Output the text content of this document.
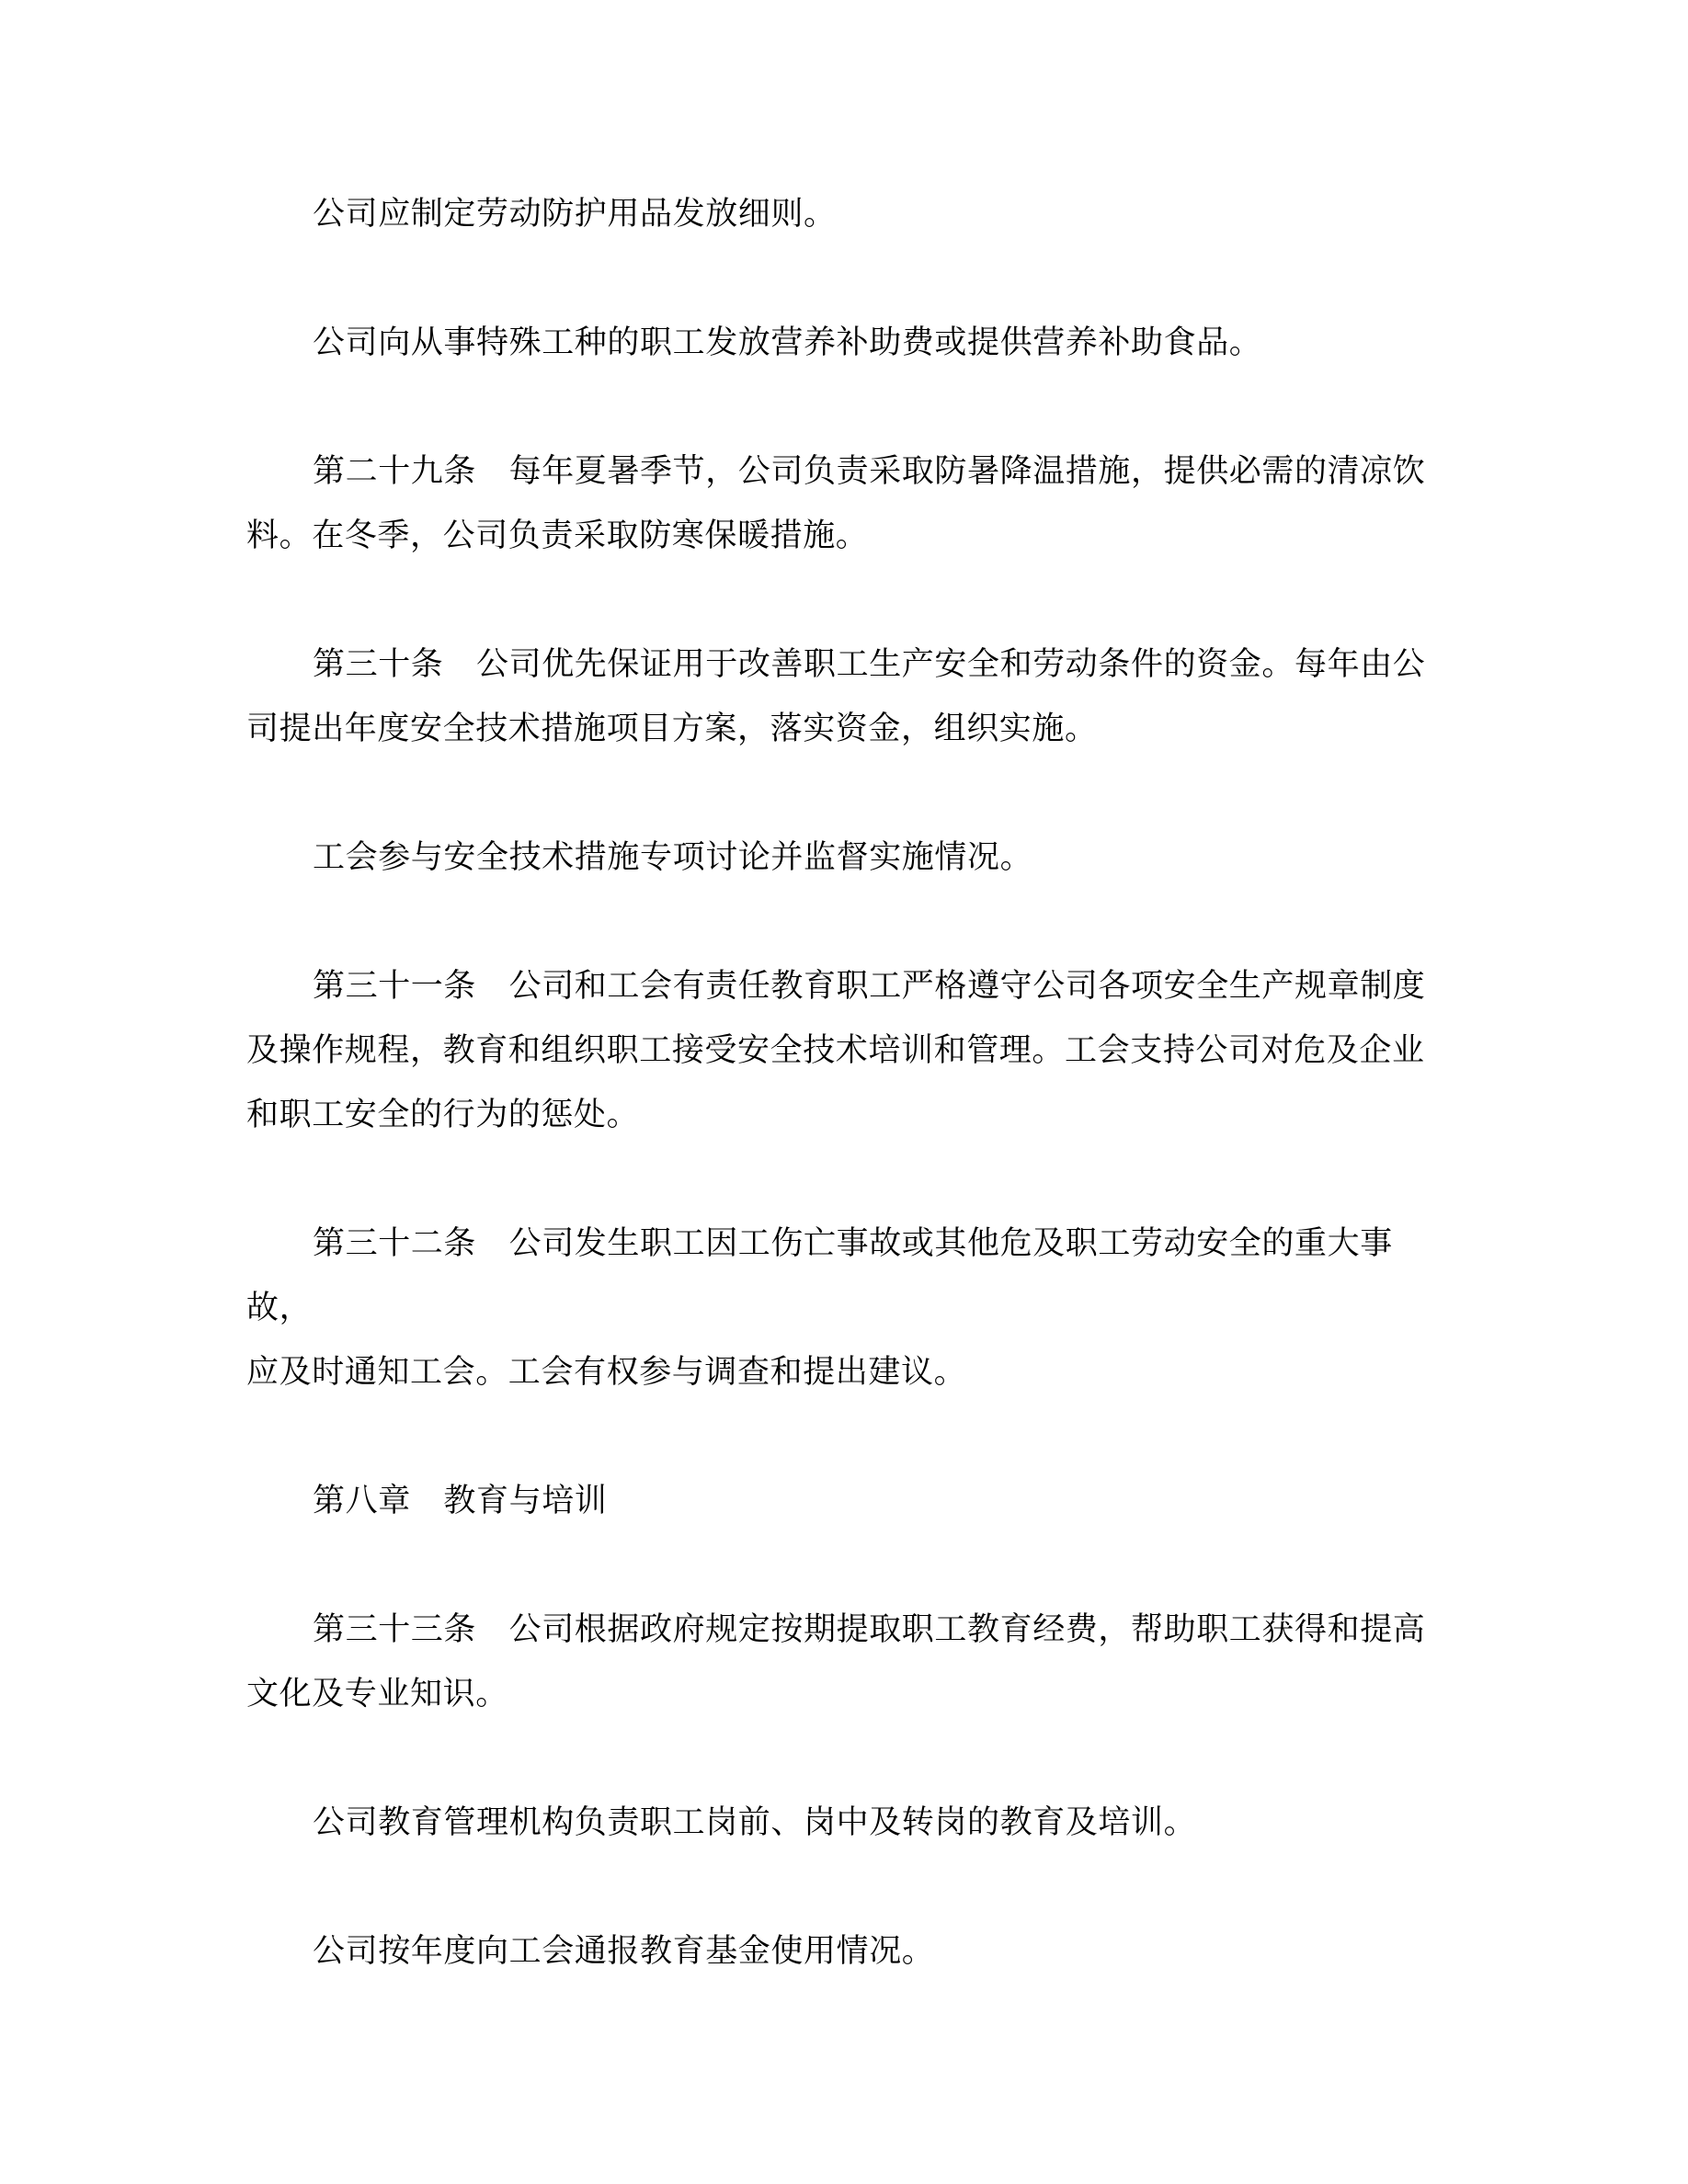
公司应制定劳动防护用品发放细则。

公司向从事特殊工种的职工发放营养补助费或提供营养补助食品。

第二十九条　每年夏暑季节，公司负责采取防暑降温措施，提供必需的清凉饮
料。在冬季，公司负责采取防寒保暖措施。

第三十条　公司优先保证用于改善职工生产安全和劳动条件的资金。每年由公
司提出年度安全技术措施项目方案，落实资金，组织实施。

工会参与安全技术措施专项讨论并监督实施情况。

第三十一条　公司和工会有责任教育职工严格遵守公司各项安全生产规章制度
及操作规程，教育和组织职工接受安全技术培训和管理。工会支持公司对危及企业
和职工安全的行为的惩处。

第三十二条　公司发生职工因工伤亡事故或其他危及职工劳动安全的重大事
故，
应及时通知工会。工会有权参与调查和提出建议。

第八章　教育与培训

第三十三条　公司根据政府规定按期提取职工教育经费，帮助职工获得和提高
文化及专业知识。

公司教育管理机构负责职工岗前、岗中及转岗的教育及培训。

公司按年度向工会通报教育基金使用情况。
